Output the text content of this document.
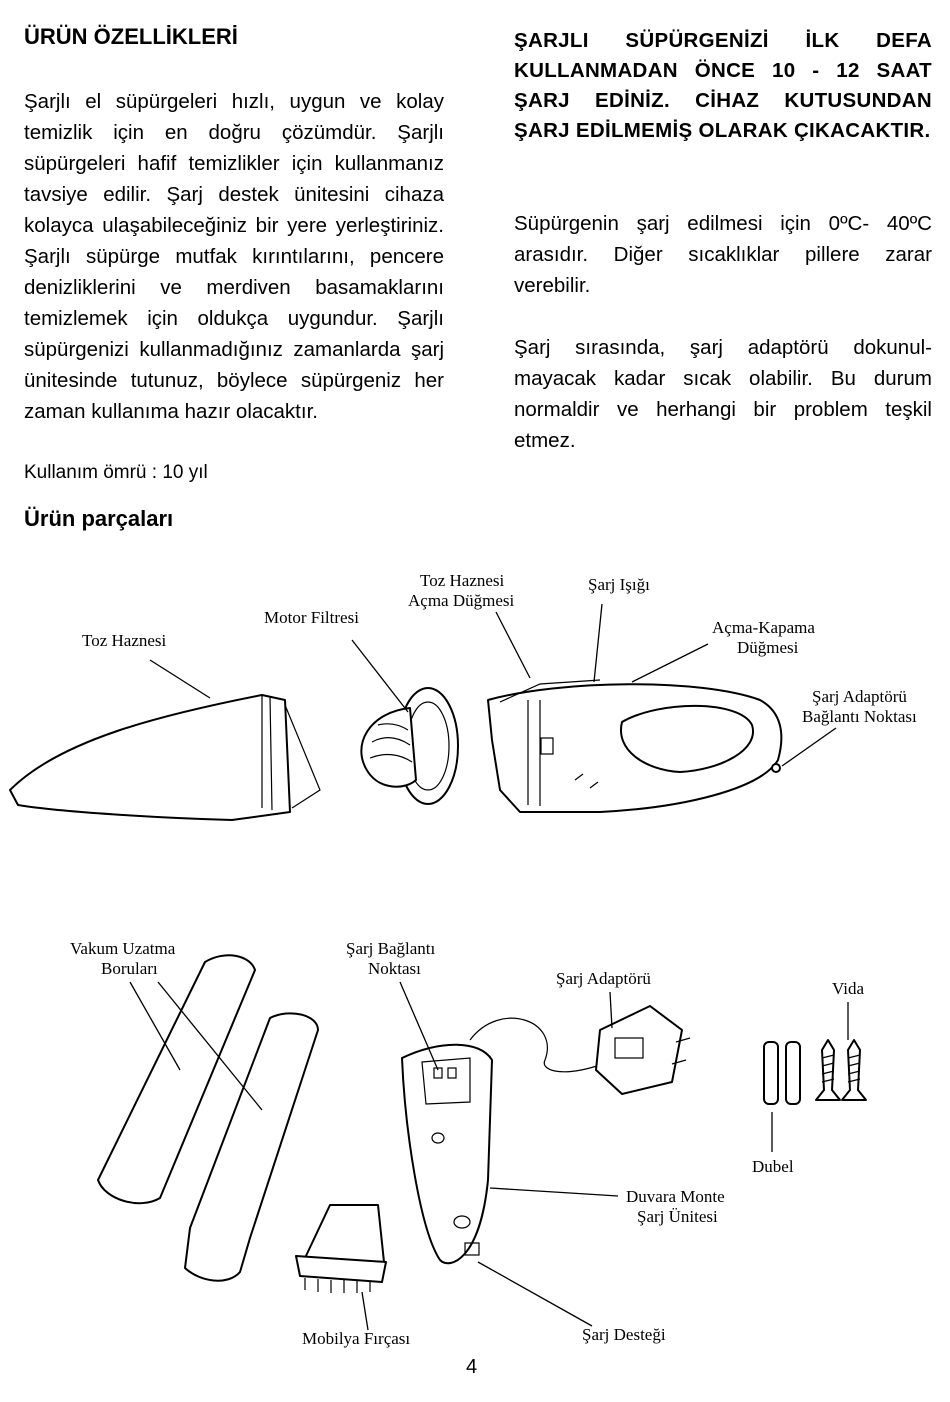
ÜRÜN ÖZELLİKLERİ
Şarjlı el süpürgeleri hızlı, uygun ve kolay temizlik için en doğru çözümdür. Şarjlı süpürgeleri hafif temizlikler için kullanmanız tavsiye edilir. Şarj destek ünitesini cihaza kolayca ulaşabileceğiniz bir yere yerleştiriniz. Şarjlı süpürge mutfak kırıntılarını, pencere denizliklerini ve merdiven basamaklarını temizlemek için oldukça uygundur. Şarjlı süpürgenizi kullanmadığınız zamanlarda şarj ünitesinde tutunuz, böylece süpürgeniz her zaman kullanıma hazır olacaktır.
Kullanım ömrü : 10 yıl
Ürün parçaları
ŞARJLI SÜPÜRGENİZİ İLK DEFA KULLANMADAN ÖNCE 10 - 12 SAAT ŞARJ EDİNİZ. CİHAZ KUTUSUNDAN ŞARJ EDİLMEMİŞ OLARAK ÇIKACAKTIR.
Süpürgenin şarj edilmesi için 0ºC- 40ºC arasıdır. Diğer sıcaklıklar pillere zarar verebilir.
Şarj sırasında, şarj adaptörü dokunul-mayacak kadar sıcak olabilir. Bu durum normaldir ve herhangi bir problem teşkil etmez.
Toz Haznesi
Motor Filtresi
Toz Haznesi
Açma Düğmesi
Şarj Işığı
Açma-Kapama
Düğmesi
Şarj Adaptörü
Bağlantı Noktası
Vakum Uzatma
Boruları
Şarj Bağlantı
Noktası
Şarj Adaptörü
Vida
Dubel
Duvara Monte
Şarj Ünitesi
Mobilya Fırçası	Şarj Desteği
4
